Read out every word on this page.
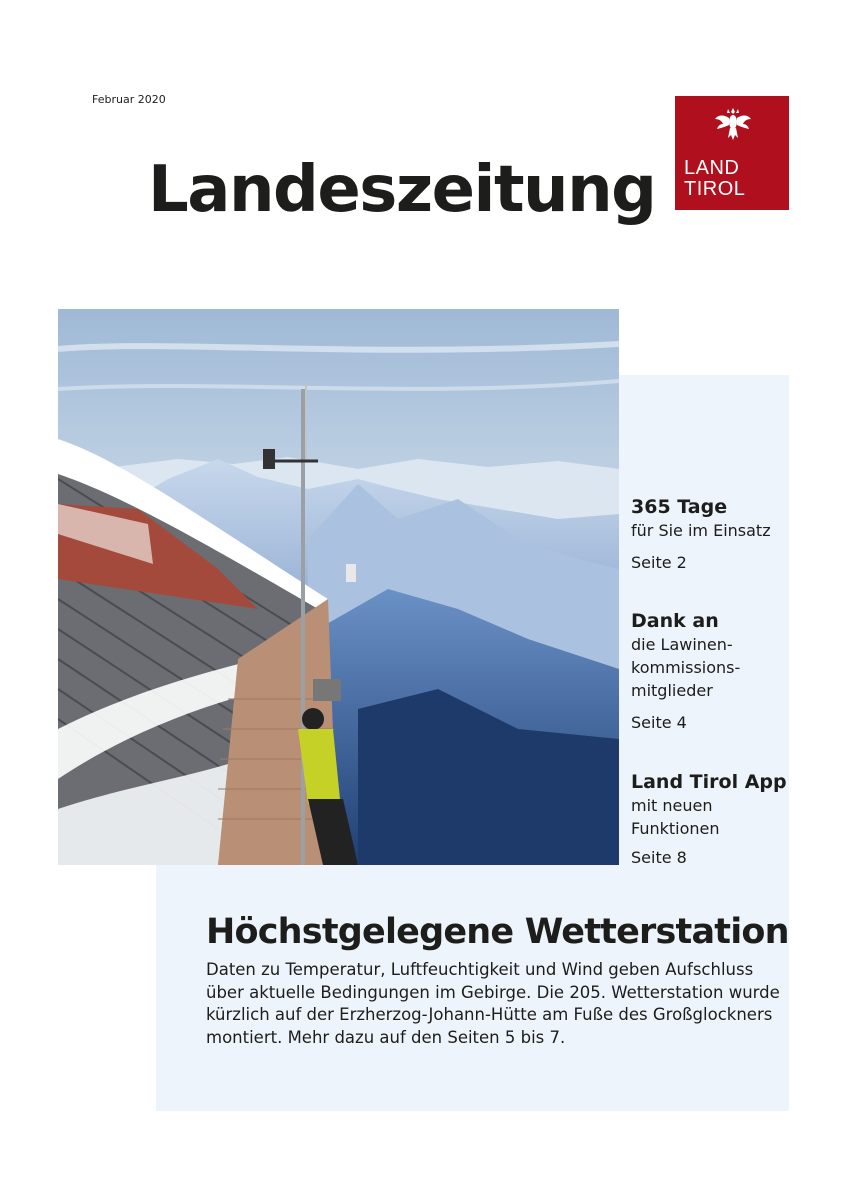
Februar 2020
Landeszeitung LAND
TIROL
365 Tage
für Sie im Einsatz
Seite 2
Dank an
die Lawinen-
kommissions-
mitglieder
Seite 4
Land Tirol App
mit neuen
Funktionen
Seite 8
Höchstgelegene Wetterstation
Daten zu Temperatur, Luftfeuchtigkeit und Wind geben Aufschluss über aktuelle Bedingungen im Gebirge. Die 205. Wetterstation wurde kürzlich auf der Erzherzog-Johann-Hütte am Fuße des Großglockners montiert. Mehr dazu auf den Seiten 5 bis 7.
